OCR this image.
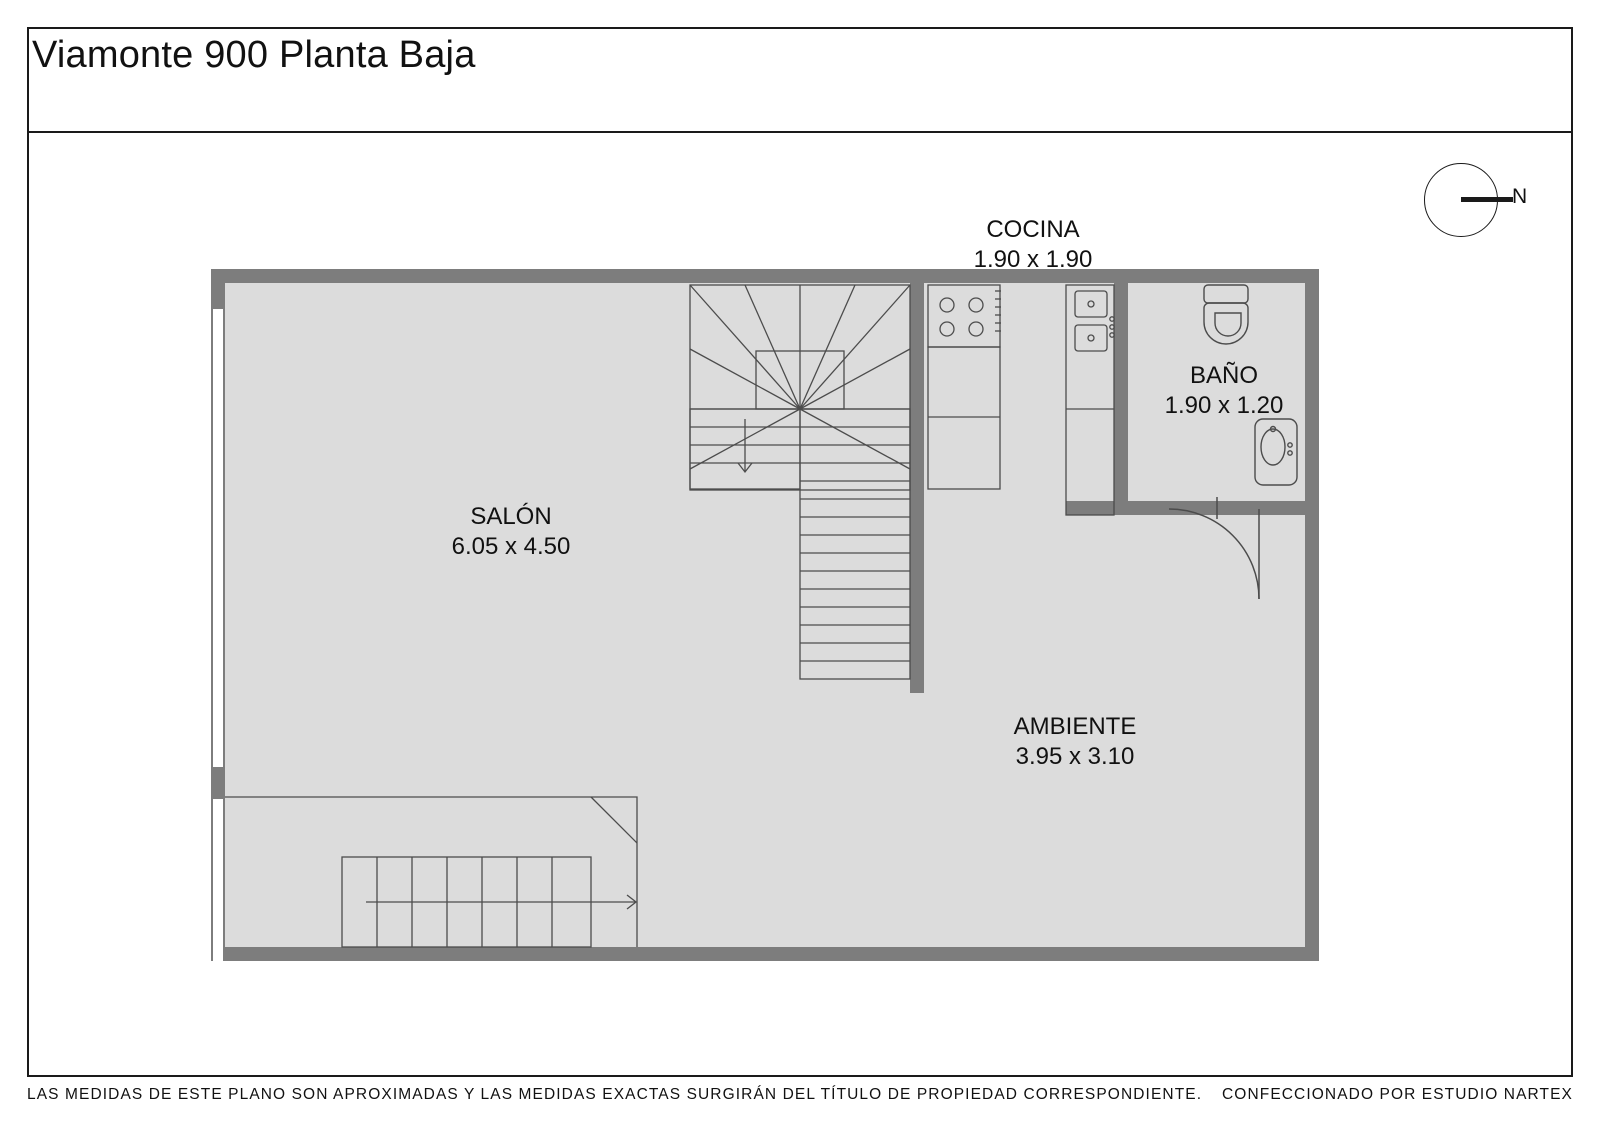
Viamonte 900 Planta Baja
N
SALÓN
6.05 x 4.50
AMBIENTE
3.95 x 3.10
BAÑO
1.90 x 1.20
COCINA
1.90 x 1.90
LAS MEDIDAS DE ESTE PLANO SON APROXIMADAS Y LAS MEDIDAS EXACTAS SURGIRÁN DEL TÍTULO DE PROPIEDAD CORRESPONDIENTE. CONFECCIONADO POR ESTUDIO NARTEX
